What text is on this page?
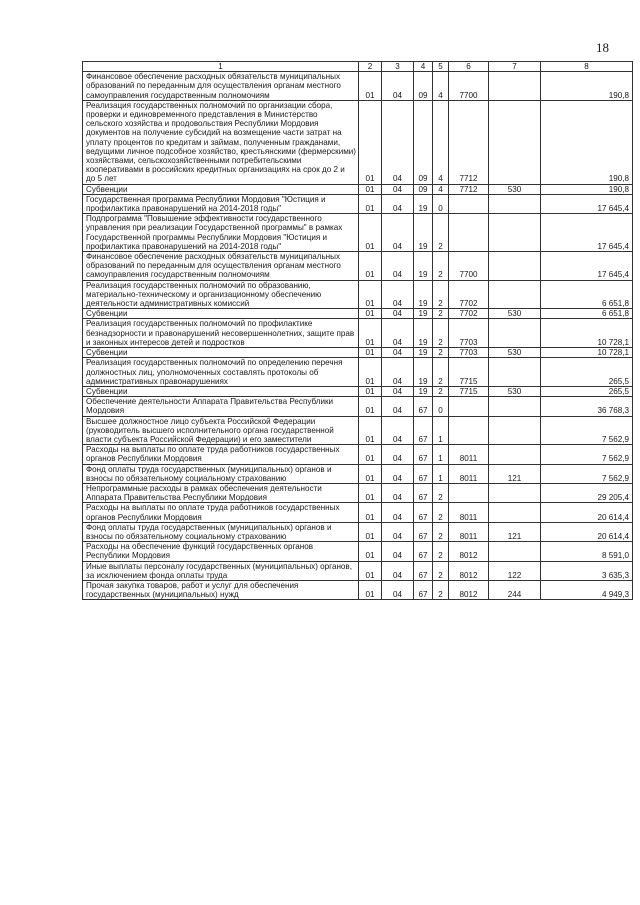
18
1	2	3	4	5	6	7	8
Финансовое обеспечение расходных обязательств муниципальных образований по переданным для осуществления органам местного самоуправления государственным полномочиям	01	04	09	4	7700		190,8
Реализация государственных полномочий по организации сбора, проверки и единовременного представления в Министерство сельского хозяйства и продовольствия Республики Мордовия документов на получение субсидий на возмещение части затрат на уплату процентов по кредитам и займам, полученным гражданами, ведущими личное подсобное хозяйство, крестьянскими (фермерскими) хозяйствами, сельскохозяйственными потребительскими кооперативами в российских кредитных организациях на срок до 2 и до 5 лет	01	04	09	4	7712		190,8
Субвенции	01	04	09	4	7712	530	190,8
Государственная программа Республики Мордовия "Юстиция и профилактика правонарушений на 2014-2018 годы"	01	04	19	0			17 645,4
Подпрограмма "Повышение эффективности государственного управления при реализации Государственной программы" в рамках Государственной программы Республики Мордовия "Юстиция и профилактика правонарушений на 2014-2018 годы"	01	04	19	2			17 645,4
Финансовое обеспечение расходных обязательств муниципальных образований по переданным для осуществления органам местного самоуправления государственным полномочиям	01	04	19	2	7700		17 645,4
Реализация государственных полномочий по образованию, материально-техническому и организационному обеспечению деятельности административных комиссий	01	04	19	2	7702		6 651,8
Субвенции	01	04	19	2	7702	530	6 651,8
Реализация государственных полномочий по профилактике безнадзорности и правонарушений несовершеннолетних, защите прав и законных интересов детей и подростков	01	04	19	2	7703		10 728,1
Субвенции	01	04	19	2	7703	530	10 728,1
Реализация государственных полномочий по определению перечня должностных лиц, уполномоченных составлять протоколы об административных правонарушениях	01	04	19	2	7715		265,5
Субвенции	01	04	19	2	7715	530	265,5
Обеспечение деятельности Аппарата Правительства Республики Мордовия	01	04	67	0			36 768,3
Высшее должностное лицо субъекта Российской Федерации (руководитель высшего исполнительного органа государственной власти субъекта Российской Федерации) и его заместители	01	04	67	1			7 562,9
Расходы на выплаты по оплате труда работников государственных органов Республики Мордовия	01	04	67	1	8011		7 562,9
Фонд оплаты труда государственных (муниципальных) органов и взносы по обязательному социальному страхованию	01	04	67	1	8011	121	7 562,9
Непрограммные расходы в рамках обеспечения деятельности Аппарата Правительства Республики Мордовия	01	04	67	2			29 205,4
Расходы на выплаты по оплате труда работников государственных органов Республики Мордовия	01	04	67	2	8011		20 614,4
Фонд оплаты труда государственных (муниципальных) органов и взносы по обязательному социальному страхованию	01	04	67	2	8011	121	20 614,4
Расходы на обеспечение функций государственных органов Республики Мордовия	01	04	67	2	8012		8 591,0
Иные выплаты персоналу государственных (муниципальных) органов, за исключением фонда оплаты труда	01	04	67	2	8012	122	3 635,3
Прочая закупка товаров, работ и услуг для обеспечения государственных (муниципальных) нужд	01	04	67	2	8012	244	4 949,3
